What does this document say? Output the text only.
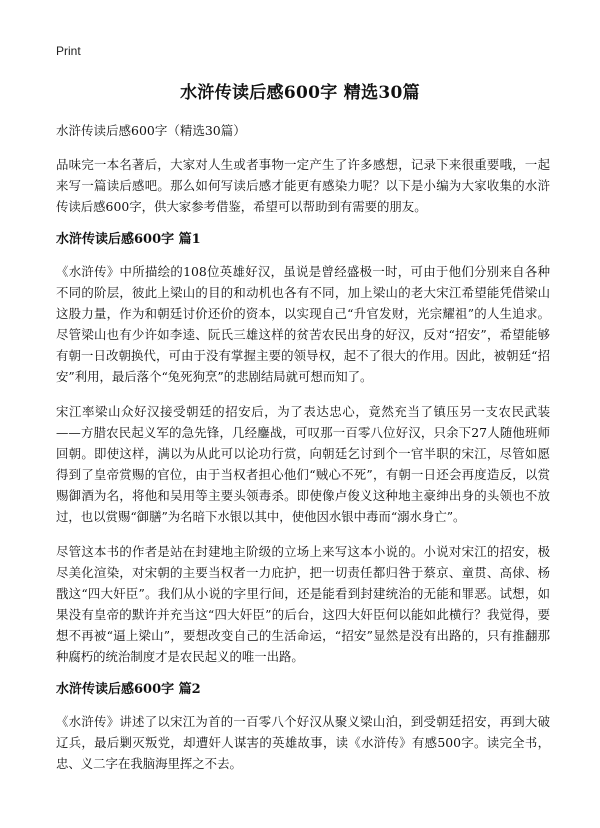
Print
水浒传读后感600字 精选30篇
水浒传读后感600字（精选30篇）

品味完一本名著后，大家对人生或者事物一定产生了许多感想，记录下来很重要哦，一起来写一篇读后感吧。那么如何写读后感才能更有感染力呢？以下是小编为大家收集的水浒传读后感600字，供大家参考借鉴，希望可以帮助到有需要的朋友。

水浒传读后感600字 篇1

《水浒传》中所描绘的108位英雄好汉，虽说是曾经盛极一时，可由于他们分别来自各种不同的阶层，彼此上梁山的目的和动机也各有不同，加上梁山的老大宋江希望能凭借梁山这股力量，作为和朝廷讨价还价的资本，以实现自己“升官发财，光宗耀祖”的人生追求。尽管梁山也有少许如李逵、阮氏三雄这样的贫苦农民出身的好汉，反对“招安”，希望能够有朝一日改朝换代，可由于没有掌握主要的领导权，起不了很大的作用。因此，被朝廷“招安”利用，最后落个“兔死狗烹”的悲剧结局就可想而知了。

宋江率梁山众好汉接受朝廷的招安后，为了表达忠心，竟然充当了镇压另一支农民武装——方腊农民起义军的急先锋，几经鏖战，可叹那一百零八位好汉，只余下27人随他班师回朝。即使这样，满以为从此可以论功行赏，向朝廷乞讨到个一官半职的宋江，尽管如愿得到了皇帝赏赐的官位，由于当权者担心他们“贼心不死”，有朝一日还会再度造反，以赏赐御酒为名，将他和吴用等主要头领毒杀。即使像卢俊义这种地主豪绅出身的头领也不放过，也以赏赐“御膳”为名暗下水银以其中，使他因水银中毒而“溺水身亡”。

尽管这本书的作者是站在封建地主阶级的立场上来写这本小说的。小说对宋江的招安，极尽美化渲染，对宋朝的主要当权者一力庇护，把一切责任都归咎于蔡京、童贯、高俅、杨戬这“四大奸臣”。我们从小说的字里行间，还是能看到封建统治的无能和罪恶。试想，如果没有皇帝的默许并充当这“四大奸臣”的后台，这四大奸臣何以能如此横行？我觉得，要想不再被“逼上梁山”，要想改变自己的生活命运，“招安”显然是没有出路的，只有推翻那种腐朽的统治制度才是农民起义的唯一出路。

水浒传读后感600字 篇2

《水浒传》讲述了以宋江为首的一百零八个好汉从聚义梁山泊，到受朝廷招安，再到大破辽兵，最后剿灭叛党，却遭奸人谋害的英雄故事，读《水浒传》有感500字。读完全书，忠、义二字在我脑海里挥之不去。
